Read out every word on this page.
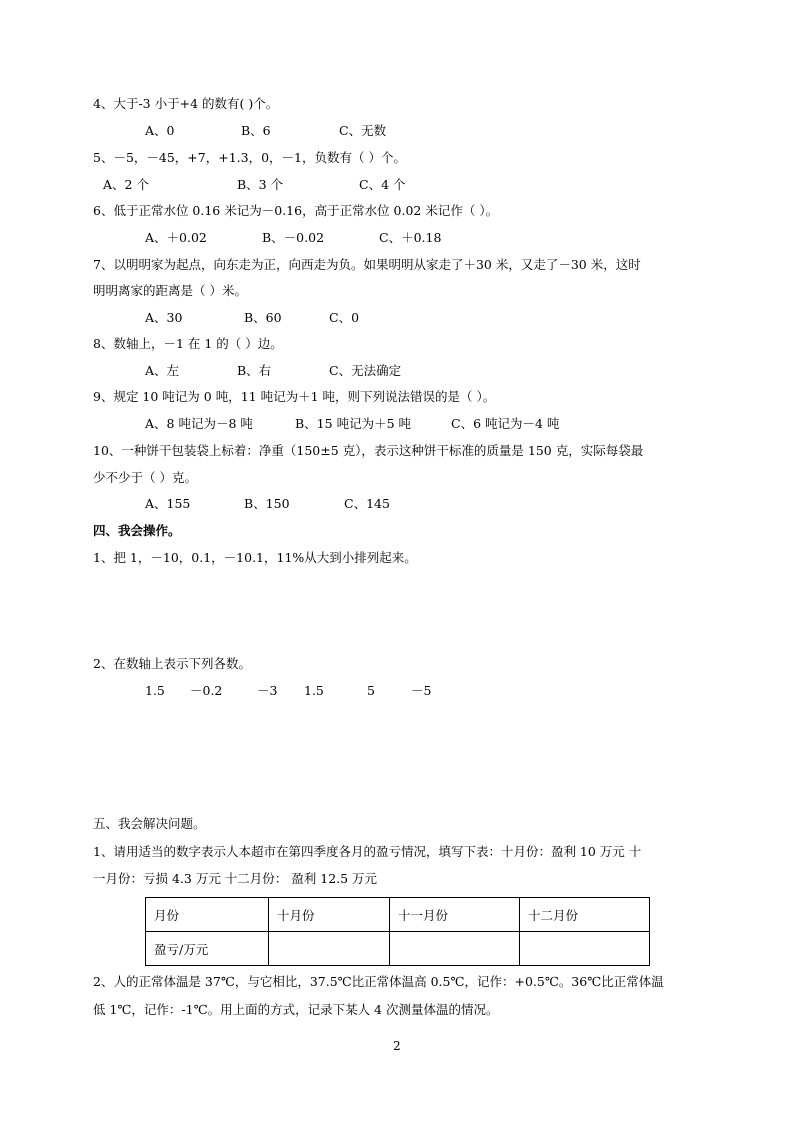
4、大于-3 小于+4 的数有( )个。
A、0	B、6	C、无数
5、－5，－45，+7，+1.3，0，－1，负数有（ ）个。
A、2 个	B、3 个	C、4 个
6、低于正常水位 0.16 米记为－0.16，高于正常水位 0.02 米记作（ ）。
A、＋0.02	B、－0.02	C、＋0.18
7、以明明家为起点，向东走为正，向西走为负。如果明明从家走了＋30 米，又走了－30 米，这时
明明离家的距离是（ ）米。
A、30	B、60	C、0
8、数轴上，－1 在 1 的（ ）边。
A、左	B、右	C、无法确定
9、规定 10 吨记为 0 吨，11 吨记为＋1 吨，则下列说法错误的是（ ）。
A、8 吨记为－8 吨	B、15 吨记为＋5 吨	C、6 吨记为－4 吨
10、一种饼干包装袋上标着：净重（150±5 克），表示这种饼干标准的质量是 150 克，实际每袋最
少不少于（ ）克。
A、155	B、150	C、145
四、我会操作。
1、把 1，－10，0.1，－10.1，11%从大到小排列起来。
2、在数轴上表示下列各数。
1.5 －0.2	－3 1.5	5	－5
五、我会解决问题。
1、请用适当的数字表示人本超市在第四季度各月的盈亏情况，填写下表：十月份：盈利 10 万元 十
一月份：亏损 4.3 万元 十二月份： 盈利 12.5 万元
月份	十月份	十一月份	十二月份
盈亏/万元			
2、人的正常体温是 37℃，与它相比，37.5℃比正常体温高 0.5℃，记作：+0.5℃。36℃比正常体温
低 1℃，记作：-1℃。用上面的方式，记录下某人 4 次测量体温的情况。
2
